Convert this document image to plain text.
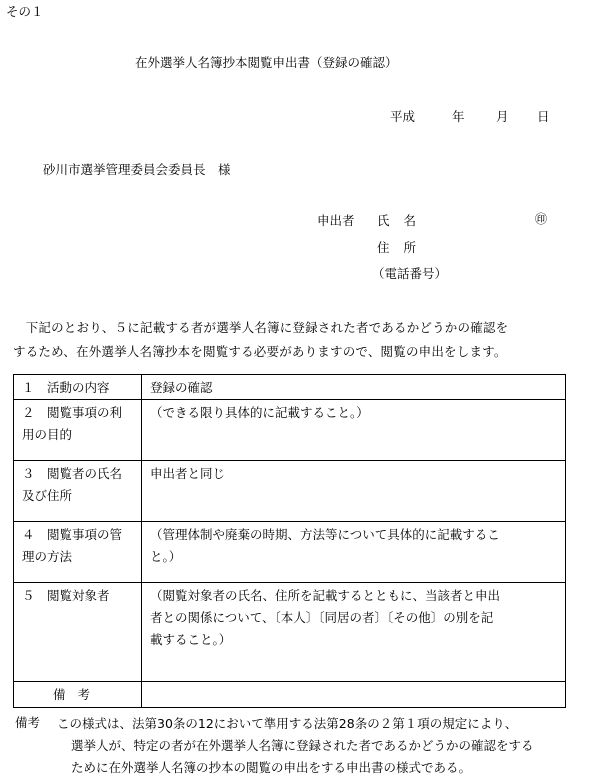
その１
在外選挙人名簿抄本閲覧申出書（登録の確認）
平成	年	月 日
砂川市選挙管理委員会委員長　様
申出者 氏名	㊞
住所
（電話番号）
　下記のとおり、５に記載する者が選挙人名簿に登録された者であるかどうかの確認を
するため、在外選挙人名簿抄本を閲覧する必要がありますので、閲覧の申出をします。
１　活動の内容	登録の確認
２　閲覧事項の利
用の目的	（できる限り具体的に記載すること。）
３　閲覧者の氏名
及び住所	申出者と同じ
４　閲覧事項の管
理の方法	（管理体制や廃棄の時期、方法等について具体的に記載するこ
と。）
５　閲覧対象者	（閲覧対象者の氏名、住所を記載するとともに、当該者と申出
者との関係について、〔本人〕〔同居の者〕〔その他〕の別を記
載すること。）
備考	
備考 この様式は、法第30条の12において準用する法第28条の２第１項の規定により、
選挙人が、特定の者が在外選挙人名簿に登録された者であるかどうかの確認をする
ために在外選挙人名簿の抄本の閲覧の申出をする申出書の様式である。
